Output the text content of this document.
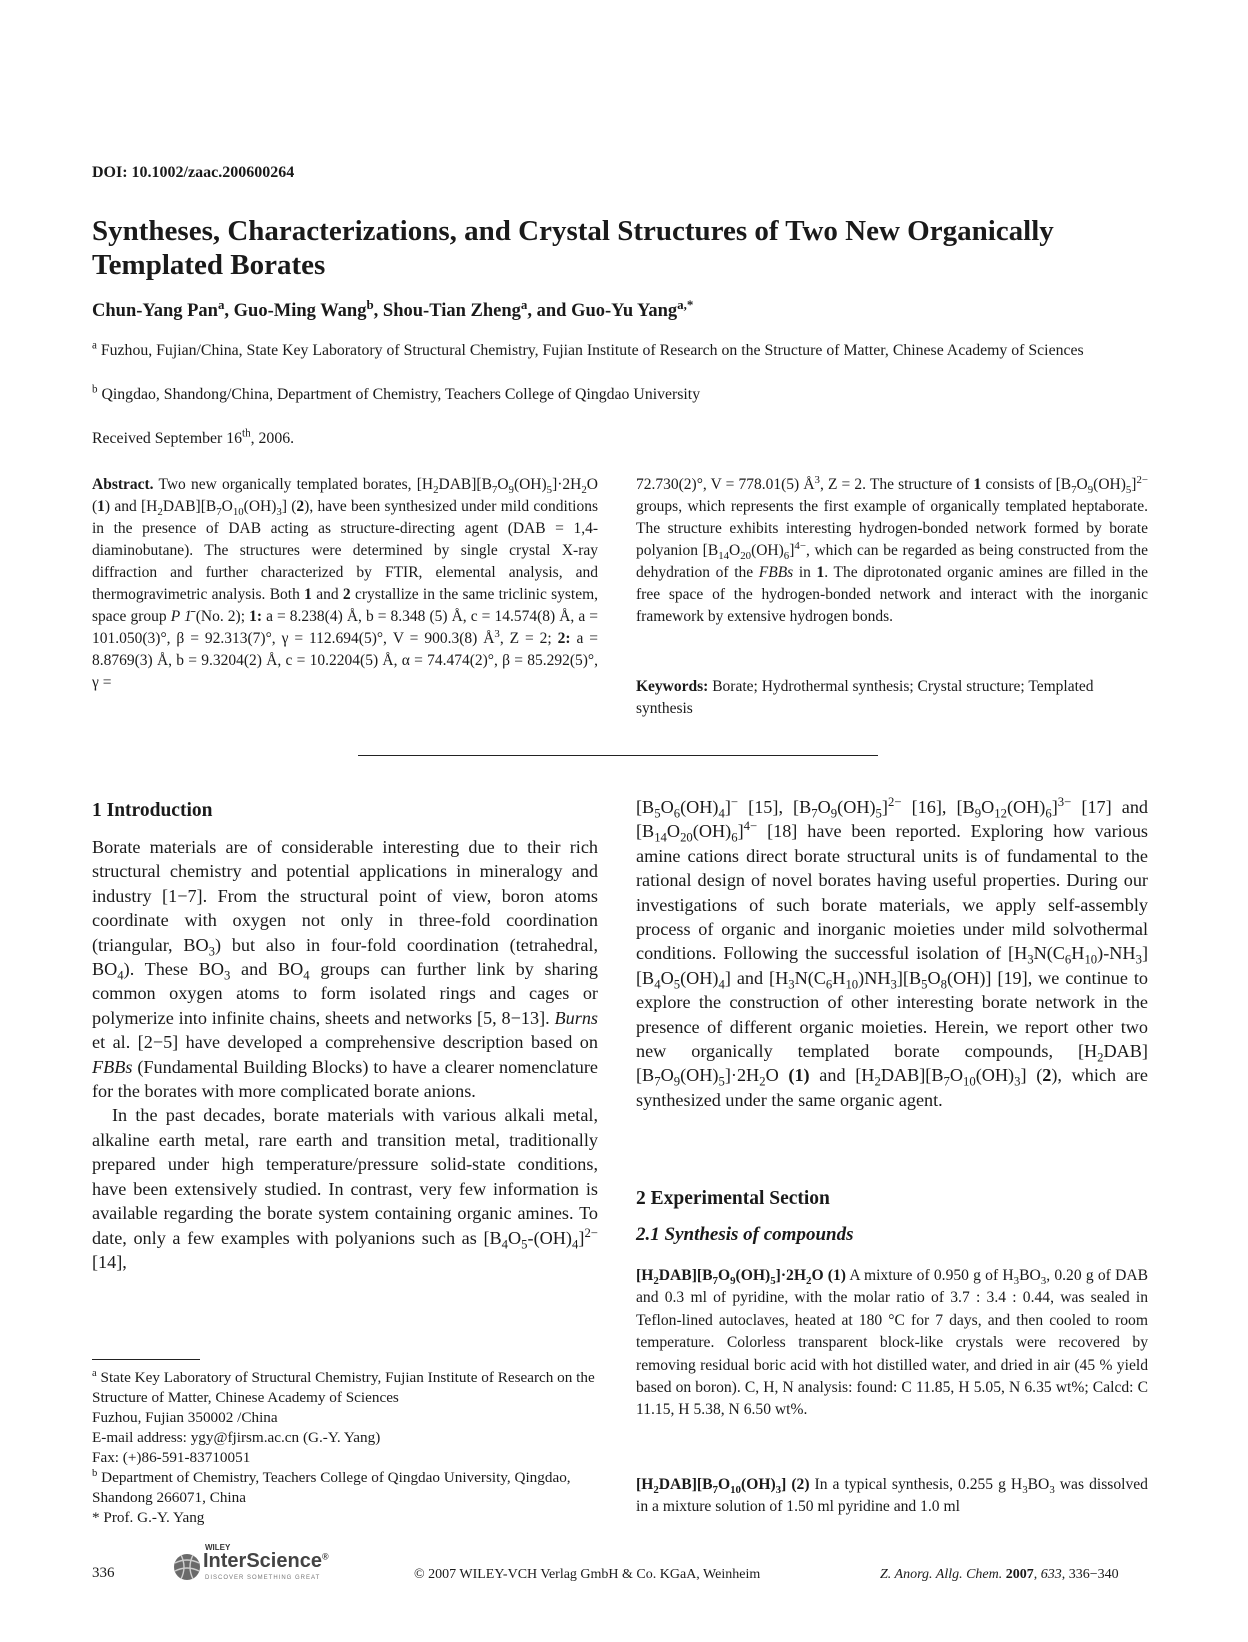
DOI: 10.1002/zaac.200600264
Syntheses, Characterizations, and Crystal Structures of Two New Organically
Templated Borates
Chun-Yang Pan$^a$, Guo-Ming Wang$^b$, Shou-Tian Zheng$^a$, and Guo-Yu Yang$^{a,*}$
$^a$ Fuzhou, Fujian/China, State Key Laboratory of Structural Chemistry, Fujian Institute of Research on the Structure of Matter, Chinese Academy of Sciences
$^b$ Qingdao, Shandong/China, Department of Chemistry, Teachers College of Qingdao University
Received September 16th, 2006.
Abstract. Two new organically templated borates, $[H_2DAB][B_7O_9(OH)_5]\cdot 2H_2O$ (1) and $[H_2DAB][B_7O_{10}(OH)_3]$ (2), have been synthesized under mild conditions in the presence of DAB acting as structure-directing agent (DAB = 1,4-diaminobutane). The structures were determined by single crystal X-ray diffraction and further characterized by FTIR, elemental analysis, and thermogravimetric analysis. Both 1 and 2 crystallize in the same triclinic system, space group P 1̄ (No. 2); 1: a = 8.238(4) Å, b = 8.348 (5) Å, c = 14.574(8) Å, a = 101.050(3)°, β = 92.313(7)°, γ = 112.694(5)°, V = 900.3(8) $Å^3$, Z = 2; 2: a = 8.8769(3) Å, b = 9.3204(2) Å, c = 10.2204(5) Å, α = 74.474(2)°, β = 85.292(5)°, γ =
72.730(2)°, V = 778.01(5) $Å^3$, Z = 2. The structure of 1 consists of $[B_7O_9(OH)_5]^{2-}$ groups, which represents the first example of organically templated heptaborate. The structure exhibits interesting hydrogen-bonded network formed by borate polyanion $[B_{14}O_{20}(OH)_6]^{4-}$, which can be regarded as being constructed from the dehydration of the FBBs in 1. The diprotonated organic amines are filled in the free space of the hydrogen-bonded network and interact with the inorganic framework by extensive hydrogen bonds.
Keywords: Borate; Hydrothermal synthesis; Crystal structure; Templated synthesis
1 Introduction

Borate materials are of considerable interesting due to their rich structural chemistry and potential applications in mineralogy and industry [1−7]. From the structural point of view, boron atoms coordinate with oxygen not only in three-fold coordination (triangular, $BO_3$) but also in four-fold coordination (tetrahedral, $BO_4$). These $BO_3$ and $BO_4$ groups can further link by sharing common oxygen atoms to form isolated rings and cages or polymerize into infinite chains, sheets and networks [5, 8−13]. Burns et al. [2−5] have developed a comprehensive description based on FBBs (Fundamental Building Blocks) to have a clearer nomenclature for the borates with more complicated borate anions.

In the past decades, borate materials with various alkali metal, alkaline earth metal, rare earth and transition metal, traditionally prepared under high temperature/pressure solid-state conditions, have been extensively studied. In contrast, very few information is available regarding the borate system containing organic amines. To date, only a few examples with polyanions such as $[B_4O_5-(OH)_4]^{2-}$ [14],

$[B_5O_6(OH)_4]^-$ [15], $[B_7O_9(OH)_5]^{2-}$ [16], $[B_9O_{12}(OH)_6]^{3-}$ [17] and $[B_{14}O_{20}(OH)_6]^{4-}$ [18] have been reported. Exploring how various amine cations direct borate structural units is of fundamental to the rational design of novel borates having useful properties. During our investigations of such borate materials, we apply self-assembly process of organic and inorganic moieties under mild solvothermal conditions. Following the successful isolation of $[H_3N(C_6H_{10})-NH_3][B_4O_5(OH)_4]$ and $[H_3N(C_6H_{10})NH_3][B_5O_8(OH)]$ [19], we continue to explore the construction of other interesting borate network in the presence of different organic moieties. Herein, we report other two new organically templated borate compounds, $[H_2DAB][B_7O_9(OH)_5]\cdot 2H_2O$ (1) and $[H_2DAB][B_7O_{10}(OH)_3]$ (2), which are synthesized under the same organic agent.

2 Experimental Section
2.1 Synthesis of compounds
$[H_2DAB][B_7O_9(OH)_5]\cdot 2H_2O$ (1) A mixture of 0.950 g of $H_3BO_3$, 0.20 g of DAB and 0.3 ml of pyridine, with the molar ratio of 3.7 : 3.4 : 0.44, was sealed in Teflon-lined autoclaves, heated at 180 °C for 7 days, and then cooled to room temperature. Colorless transparent block-like crystals were recovered by removing residual boric acid with hot distilled water, and dried in air (45 % yield based on boron). C, H, N analysis: found: C 11.85, H 5.05, N 6.35 wt%; Calcd: C 11.15, H 5.38, N 6.50 wt%.
$[H_2DAB][B_7O_{10}(OH)_3]$ (2) In a typical synthesis, 0.255 g $H_3BO_3$ was dissolved in a mixture solution of 1.50 ml pyridine and 1.0 ml

$^a$ State Key Laboratory of Structural Chemistry, Fujian Institute of Research on the Structure of Matter, Chinese Academy of Sciences

Fuzhou, Fujian 350002 /China

E-mail address: ygy@fjirsm.ac.cn (G.-Y. Yang)

Fax: (+)86-591-83710051

$^b$ Department of Chemistry, Teachers College of Qingdao University, Qingdao, Shandong 266071, China

* Prof. G.-Y. Yang

336
WILEY
InterScience®
DISCOVER SOMETHING GREAT	© 2007 WILEY-VCH Verlag GmbH & Co. KGaA, Weinheim	Z. Anorg. Allg. Chem. 2007, 633, 336−340
